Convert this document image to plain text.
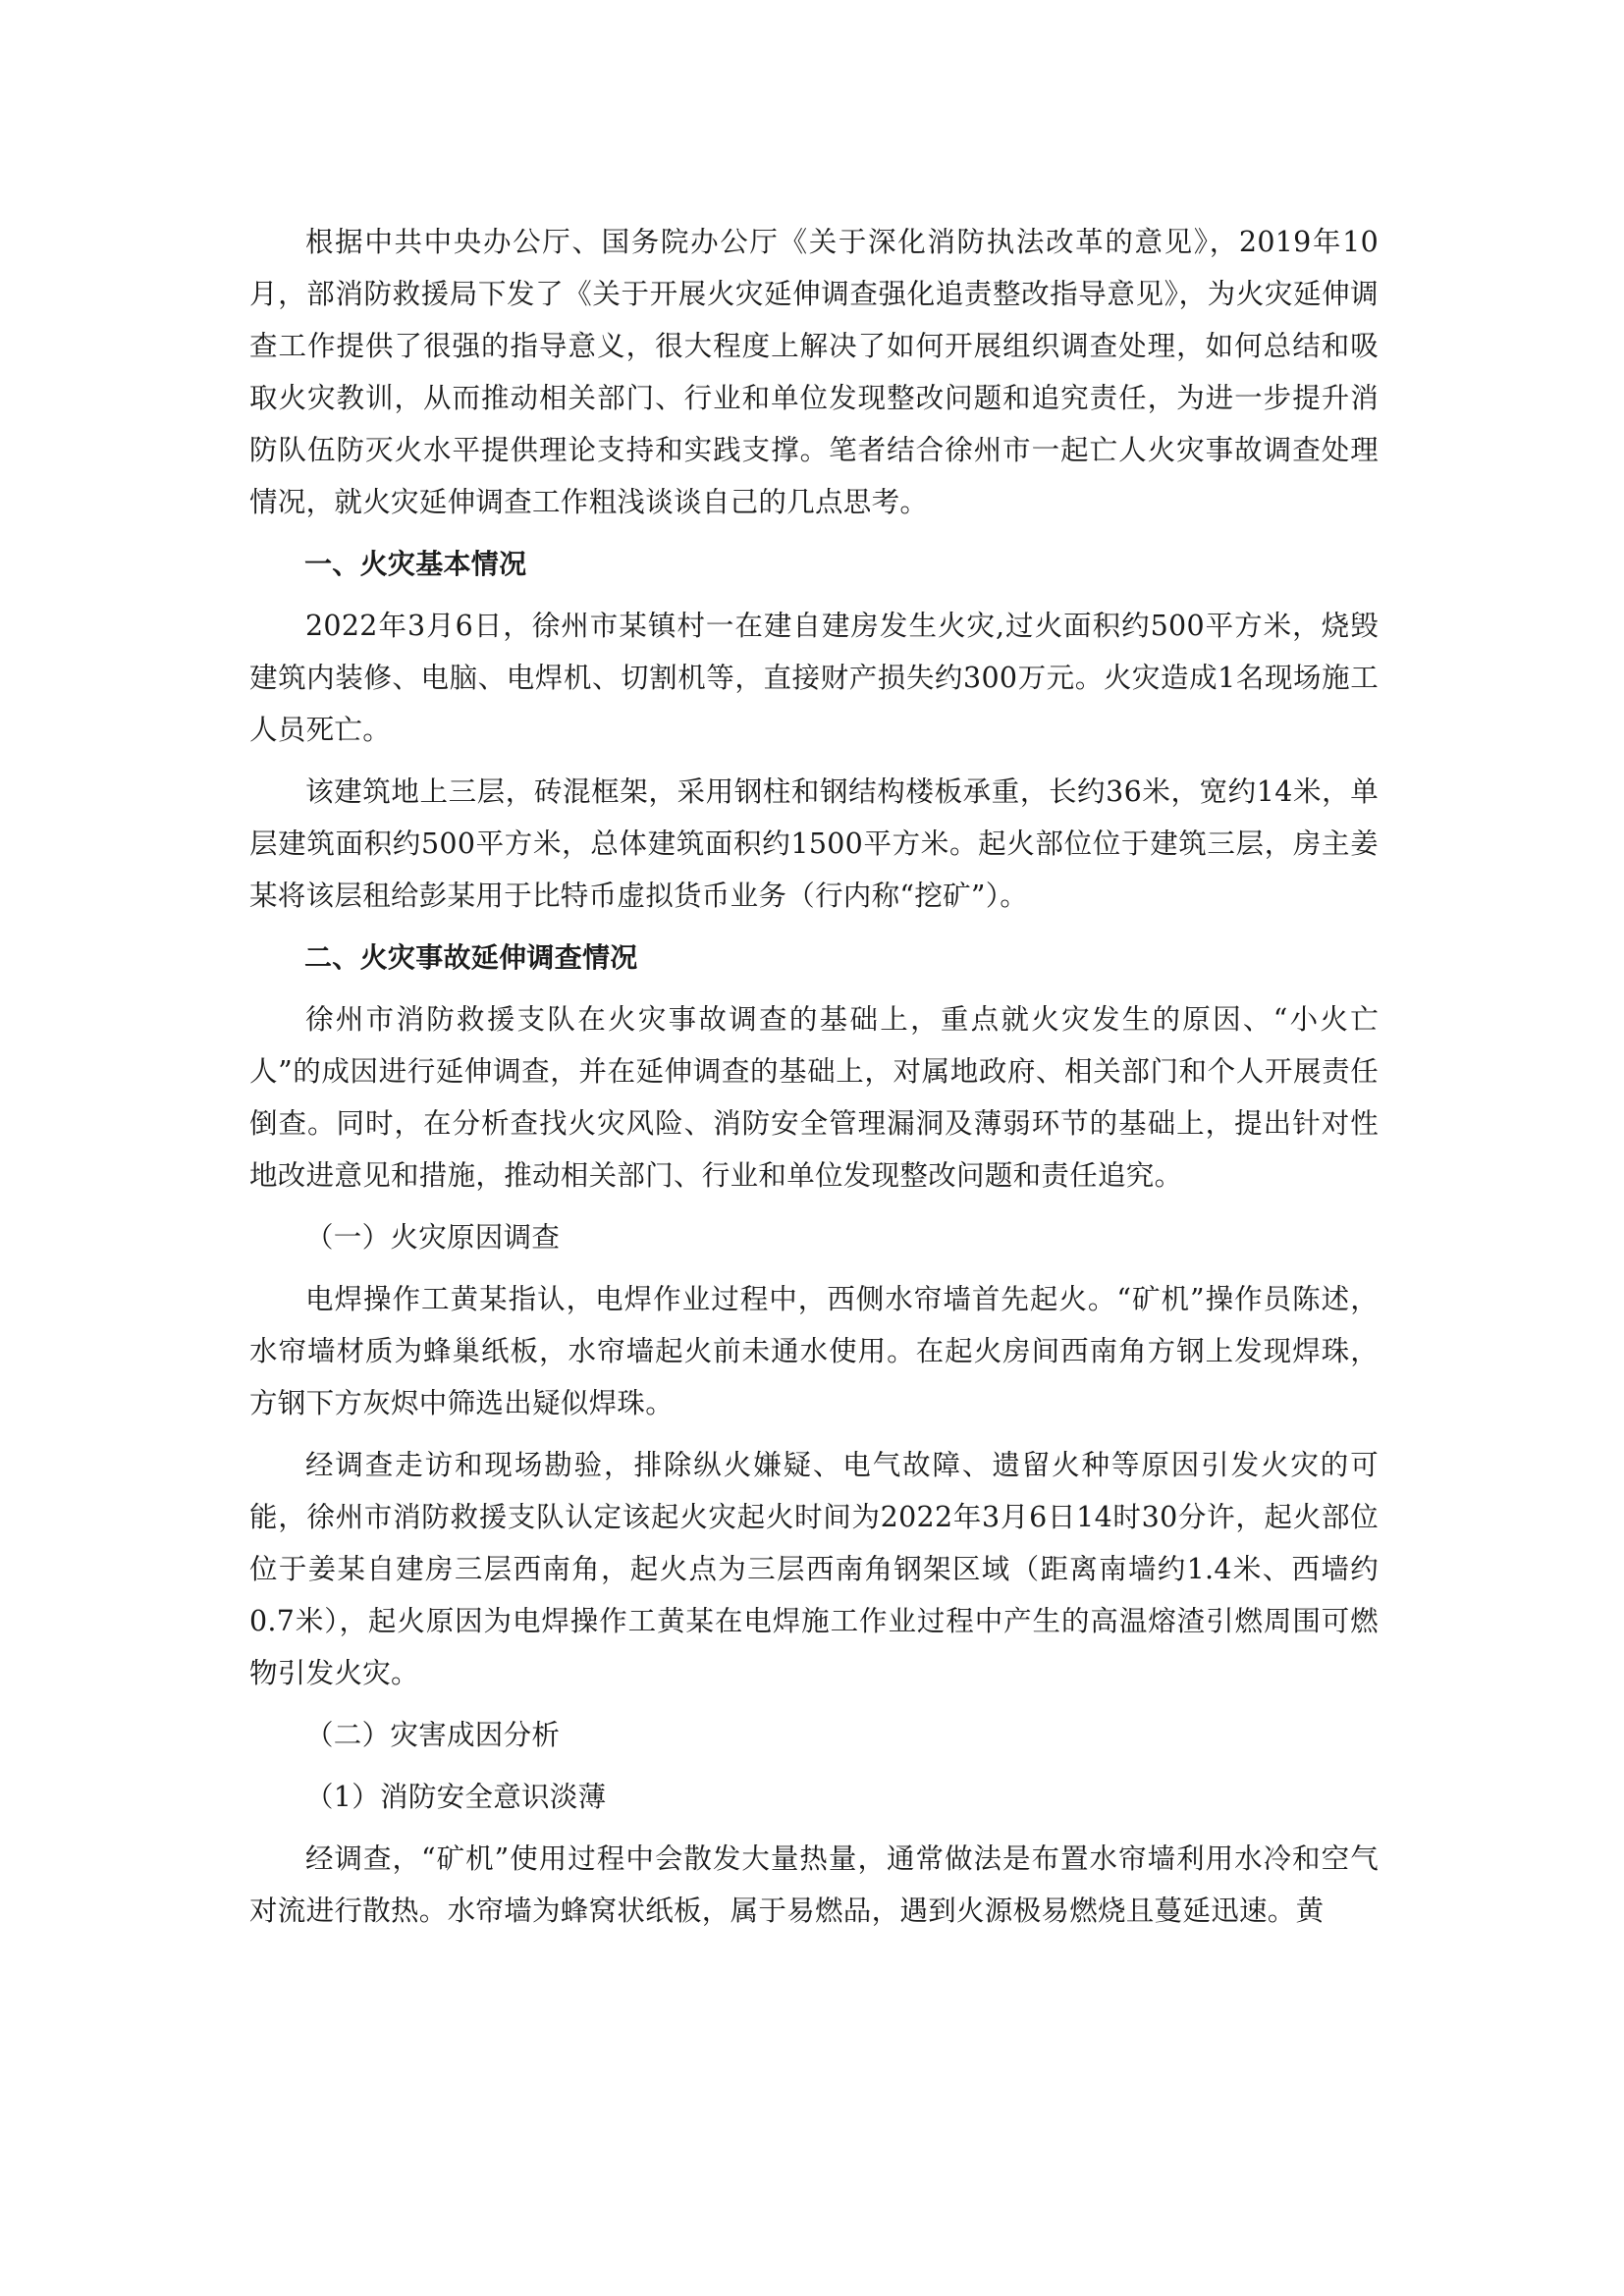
根据中共中央办公厅、国务院办公厅《关于深化消防执法改革的意见》，2019年10月，部消防救援局下发了《关于开展火灾延伸调查强化追责整改指导意见》，为火灾延伸调查工作提供了很强的指导意义，很大程度上解决了如何开展组织调查处理，如何总结和吸取火灾教训，从而推动相关部门、行业和单位发现整改问题和追究责任，为进一步提升消防队伍防灭火水平提供理论支持和实践支撑。笔者结合徐州市一起亡人火灾事故调查处理情况，就火灾延伸调查工作粗浅谈谈自己的几点思考。

一、火灾基本情况

2022年3月6日，徐州市某镇村一在建自建房发生火灾,过火面积约500平方米，烧毁建筑内装修、电脑、电焊机、切割机等，直接财产损失约300万元。火灾造成1名现场施工人员死亡。

该建筑地上三层，砖混框架，采用钢柱和钢结构楼板承重，长约36米，宽约14米，单层建筑面积约500平方米，总体建筑面积约1500平方米。起火部位位于建筑三层，房主姜某将该层租给彭某用于比特币虚拟货币业务（行内称“挖矿”）。

二、火灾事故延伸调查情况

徐州市消防救援支队在火灾事故调查的基础上，重点就火灾发生的原因、“小火亡人”的成因进行延伸调查，并在延伸调查的基础上，对属地政府、相关部门和个人开展责任倒查。同时，在分析查找火灾风险、消防安全管理漏洞及薄弱环节的基础上，提出针对性地改进意见和措施，推动相关部门、行业和单位发现整改问题和责任追究。

（一）火灾原因调查

电焊操作工黄某指认，电焊作业过程中，西侧水帘墙首先起火。“矿机”操作员陈述，水帘墙材质为蜂巢纸板，水帘墙起火前未通水使用。在起火房间西南角方钢上发现焊珠，方钢下方灰烬中筛选出疑似焊珠。

经调查走访和现场勘验，排除纵火嫌疑、电气故障、遗留火种等原因引发火灾的可能，徐州市消防救援支队认定该起火灾起火时间为2022年3月6日14时30分许，起火部位位于姜某自建房三层西南角，起火点为三层西南角钢架区域（距离南墙约1.4米、西墙约0.7米），起火原因为电焊操作工黄某在电焊施工作业过程中产生的高温熔渣引燃周围可燃物引发火灾。

（二）灾害成因分析

（1）消防安全意识淡薄

经调查，“矿机”使用过程中会散发大量热量，通常做法是布置水帘墙利用水冷和空气对流进行散热。水帘墙为蜂窝状纸板，属于易燃品，遇到火源极易燃烧且蔓延迅速。黄
